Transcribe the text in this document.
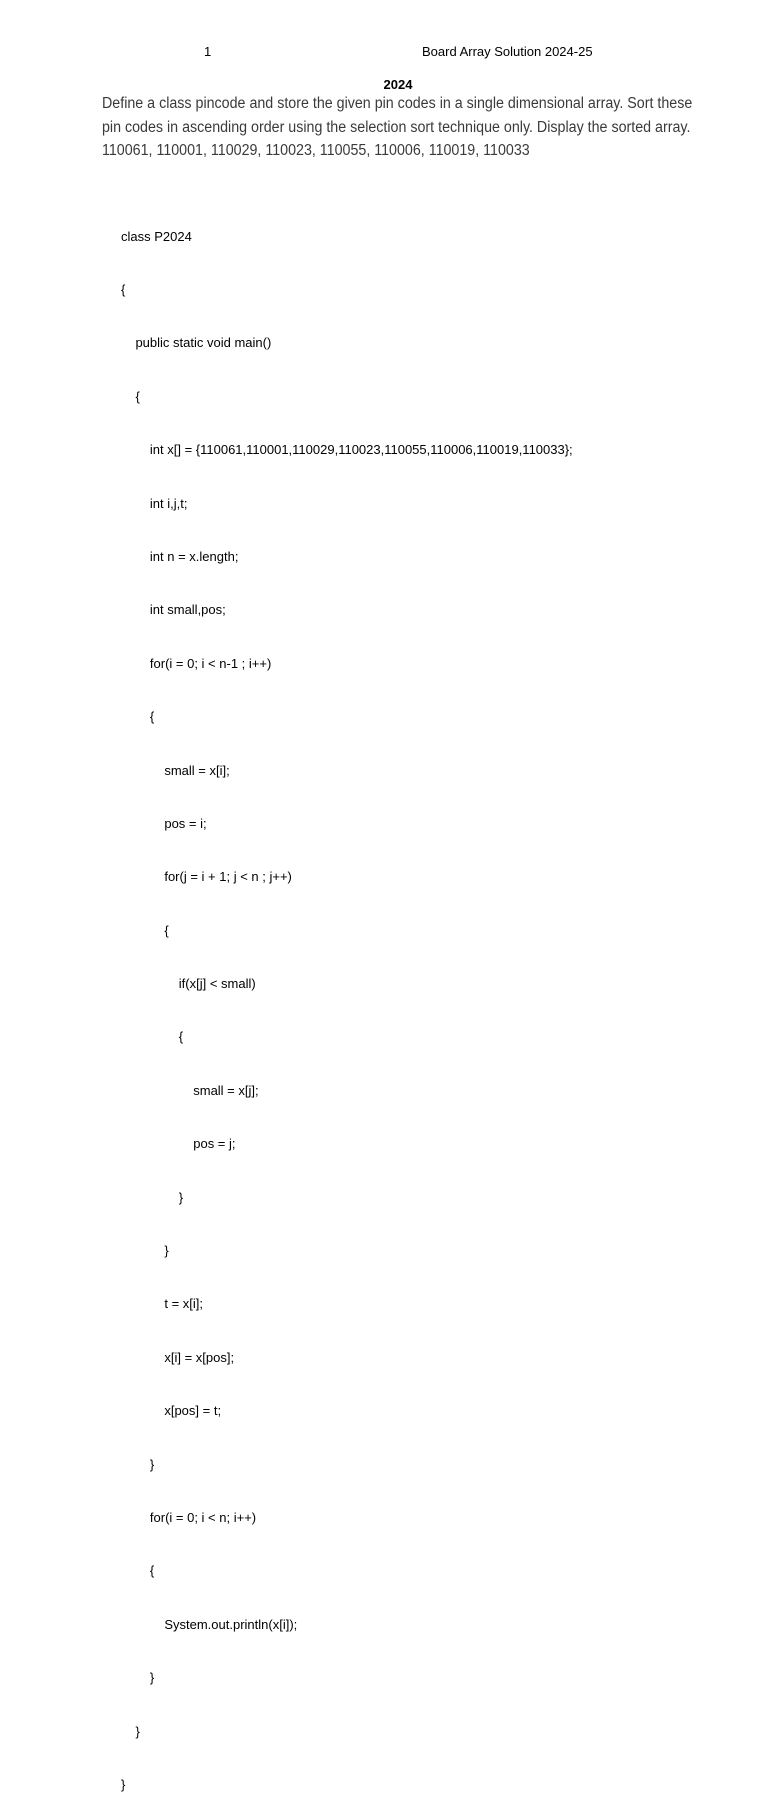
1	Board Array Solution 2024-25
2024
Define a class pincode and store the given pin codes in a single dimensional array. Sort these
pin codes in ascending order using the selection sort technique only. Display the sorted array.
110061, 110001, 110029, 110023, 110055, 110006, 110019, 110033

class P2024

{

public static void main()

{

int x[] = {110061,110001,110029,110023,110055,110006,110019,110033};

int i,j,t;

int n = x.length;

int small,pos;

for(i = 0; i < n-1 ; i++)

{

small = x[i];

pos = i;

for(j = i + 1; j < n ; j++)

{

if(x[j] < small)

{

small = x[j];

pos = j;

}

}

t = x[i];

x[i] = x[pos];

x[pos] = t;

}

for(i = 0; i < n; i++)

{

System.out.println(x[i]);

}

}

}
